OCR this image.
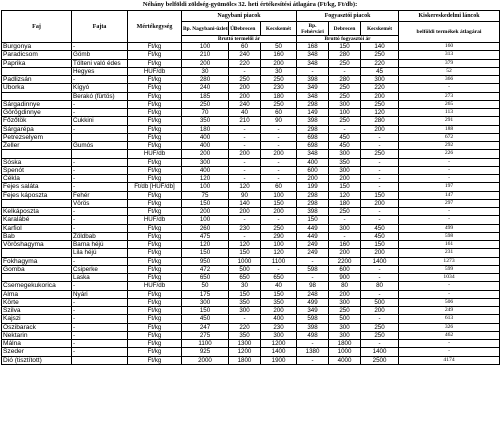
Néhány belföldi zöldség-gyümölcs 32. heti értékesítési átlagára (Ft/kg, Ft/db):
Faj	Fajta	Mértékegység	Nagybani piacok			Fogyasztói piacok			Kiskereskedelmi láncok
			Bp. Nagybani-üzleti Út	Debrecen	Kecskemét	Bp. Fehérvári	Debrecen	Kecskemét	belföldi termékek átlagárai
			Bruttó termelői ár			Bruttó fogyasztói ár			
Burgonya	-	Ft/kg	100	60	50	168	150	140	160
Paradicsom	Gömb	Ft/kg	210	240	160	348	280	250	313
Paprika	Tölteni való édes	Ft/kg	200	220	200	348	250	220	379
	Hegyes	HUF/db	30	-	30	-	-	45	52
Padlizsán	-	Ft/kg	280	250	250	398	280	300	366
Uborka	Kígyó	Ft/kg	240	200	230	349	250	220	-
	Berakó (fürtös)	Ft/kg	185	200	180	348	250	200	273
Sárgadinnye	-	Ft/kg	250	240	250	298	300	250	265
Görögdinnye	-	Ft/kg	70	40	60	149	100	120	113
Főzőtök	Cukkini	Ft/kg	350	210	90	398	250	280	291
Sárgarépa	-	Ft/kg	180	-	-	298	-	200	188
Petrezselyem		Ft/kg	400	-	-	698	450	-	672
Zeller	Gumós	Ft/kg	400	-	-	698	450	-	292
		HUF/db	200	200	200	348	300	250	226
Sóska	-	Ft/kg	300	-	-	400	350	-	-
Spenót	-	Ft/kg	400	-	-	600	300	-	-
Cékla	-	Ft/kg	120	-	-	200	200	-	-
Fejes saláta	-	Ft/db [HUF/db]	100	120	60	199	150	-	197
Fejes káposzta	Fehér	Ft/kg	75	90	100	298	120	150	147
	Vörös	Ft/kg	150	140	150	298	180	200	297
Kelkáposzta	-	Ft/kg	200	200	200	398	250	-	-
Karalábé	-	HUF/db	100	-	-	150	-	-	-
Karfiol	-	Ft/kg	260	230	250	449	300	450	499
Bab	Zöldbab	Ft/kg	475	-	290	449	-	450	598
Vöröshagyma	Barna héjú	Ft/kg	120	120	100	249	160	150	161
	Lila héjú	Ft/kg	150	150	120	249	200	200	231
Fokhagyma	-	Ft/kg	950	1000	1100	-	2200	1400	1273
Gomba	Csiperke	Ft/kg	472	500	-	598	600	-	599
	Laska	Ft/kg	650	650	650	-	900	-	1034
Csemegekukorica	-	HUF/db	50	30	40	98	80	80	-
Alma	Nyári	Ft/kg	175	150	150	248	200	-	-
Körte	-	Ft/kg	300	350	350	499	300	500	506
Szilva	-	Ft/kg	150	300	200	349	250	200	249
Kajszi	-	Ft/kg	450	-	400	598	500	-	613
Őszibarack	-	Ft/kg	247	220	230	398	300	250	326
Nektarin	-	Ft/kg	275	350	300	498	300	250	462
Málna	-	Ft/kg	1100	1300	1200	-	1800	-	-
Szeder	-	Ft/kg	925	1200	1400	1380	1000	1400	-
Dió (tisztított)		Ft/kg	2000	1800	1900	-	4000	2500	4174
